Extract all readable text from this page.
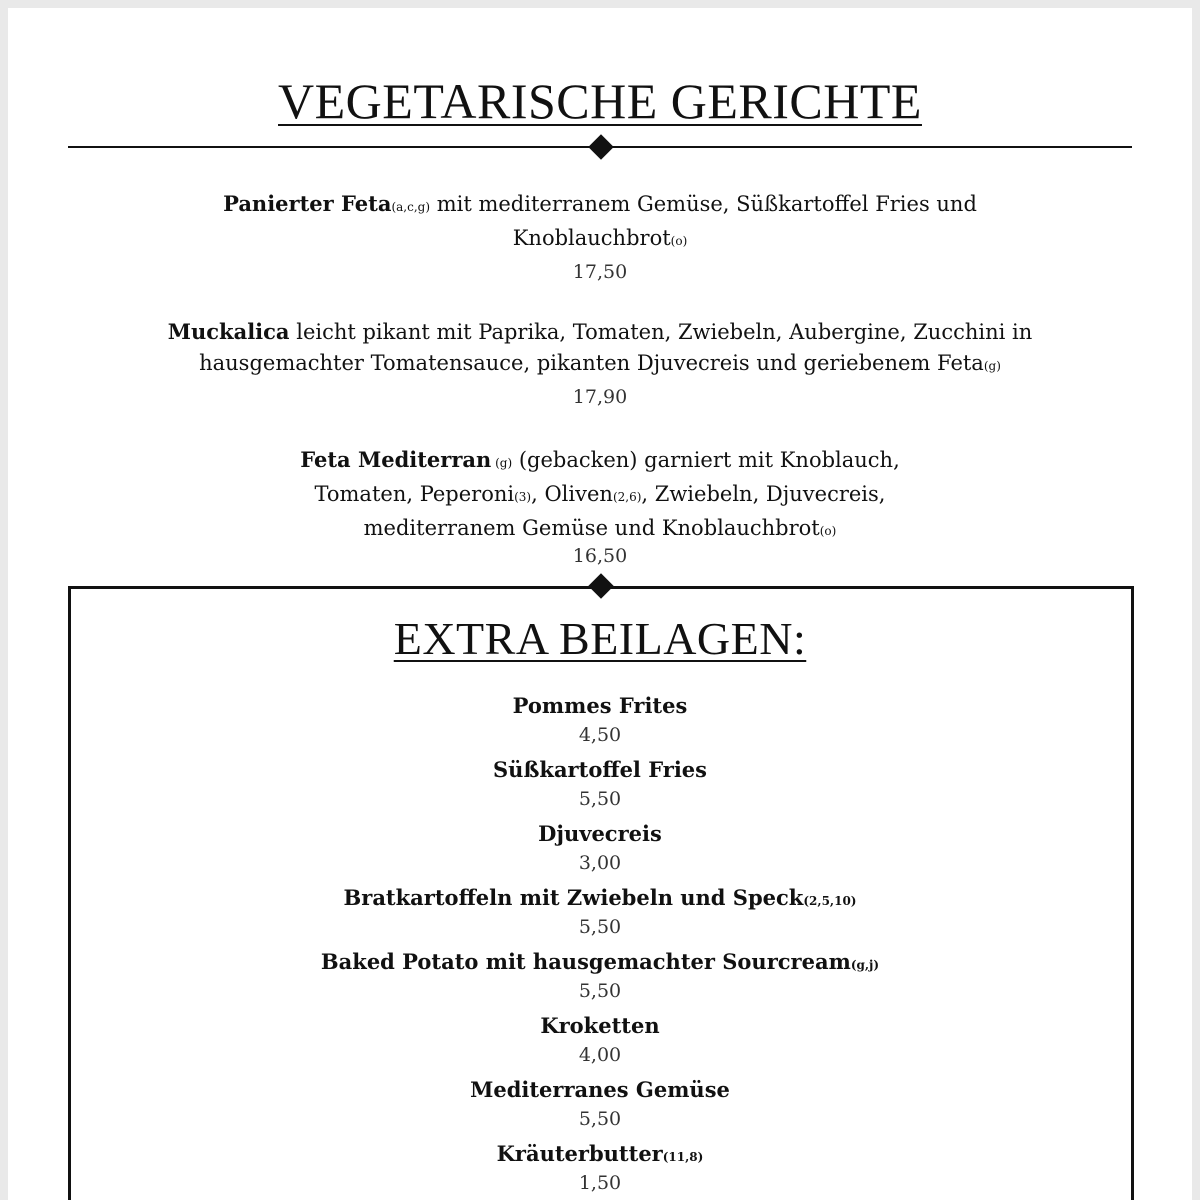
VEGETARISCHE GERICHTE
Panierter Feta(a,c,g) mit mediterranem Gemüse, Süßkartoffel Fries und Knoblauchbrot(o)
17,50
Muckalica leicht pikant mit Paprika, Tomaten, Zwiebeln, Aubergine, Zucchini in hausgemachter Tomatensauce, pikanten Djuvecreis und geriebenem Feta(g)
17,90
Feta Mediterran (g) (gebacken) garniert mit Knoblauch, Tomaten, Peperoni(3), Oliven(2,6), Zwiebeln, Djuvecreis, mediterranem Gemüse und Knoblauchbrot(o)
16,50
EXTRA BEILAGEN:
Pommes Frites
4,50
Süßkartoffel Fries
5,50
Djuvecreis
3,00
Bratkartoffeln mit Zwiebeln und Speck(2,5,10)
5,50
Baked Potato mit hausgemachter Sourcream(g,j)
5,50
Kroketten
4,00
Mediterranes Gemüse
5,50
Kräuterbutter(11,8)
1,50
